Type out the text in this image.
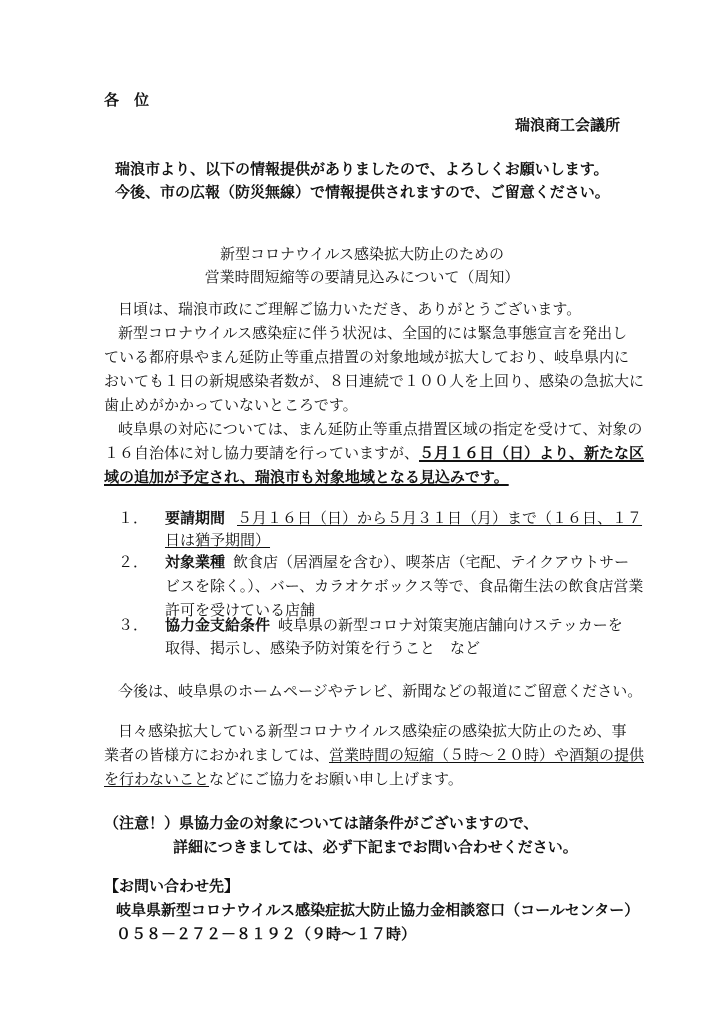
各　位
瑞浪商工会議所
瑞浪市より、以下の情報提供がありましたので、よろしくお願いします。
今後、市の広報（防災無線）で情報提供されますので、ご留意ください。
新型コロナウイルス感染拡大防止のための
営業時間短縮等の要請見込みについて（周知）
日頃は、瑞浪市政にご理解ご協力いただき、ありがとうございます。
新型コロナウイルス感染症に伴う状況は、全国的には緊急事態宣言を発出し
ている都府県やまん延防止等重点措置の対象地域が拡大しており、岐阜県内に
おいても１日の新規感染者数が、８日連続で１００人を上回り、感染の急拡大に
歯止めがかかっていないところです。
岐阜県の対応については、まん延防止等重点措置区域の指定を受けて、対象の
１６自治体に対し協力要請を行っていますが、５月１６日（日）より、新たな区
域の追加が予定され、瑞浪市も対象地域となる見込みです。
１． 要請期間 ５月１６日（日）から５月３１日（月）まで（１６日、１７
日は猶予期間）
２． 対象業種 飲食店（居酒屋を含む）、喫茶店（宅配、テイクアウトサー
ビスを除く。）、バー、カラオケボックス等で、食品衛生法の飲食店営業
許可を受けている店舗
３． 協力金支給条件 岐阜県の新型コロナ対策実施店舗向けステッカーを
取得、掲示し、感染予防対策を行うこと　など
今後は、岐阜県のホームページやテレビ、新聞などの報道にご留意ください。
日々感染拡大している新型コロナウイルス感染症の感染拡大防止のため、事
業者の皆様方におかれましては、営業時間の短縮（５時～２０時）や酒類の提供
を行わないことなどにご協力をお願い申し上げます。
（注意！）県協力金の対象については諸条件がございますので、
詳細につきましては、必ず下記までお問い合わせください。
【お問い合わせ先】
岐阜県新型コロナウイルス感染症拡大防止協力金相談窓口（コールセンター）
０５８－２７２－８１９２（９時～１７時）
